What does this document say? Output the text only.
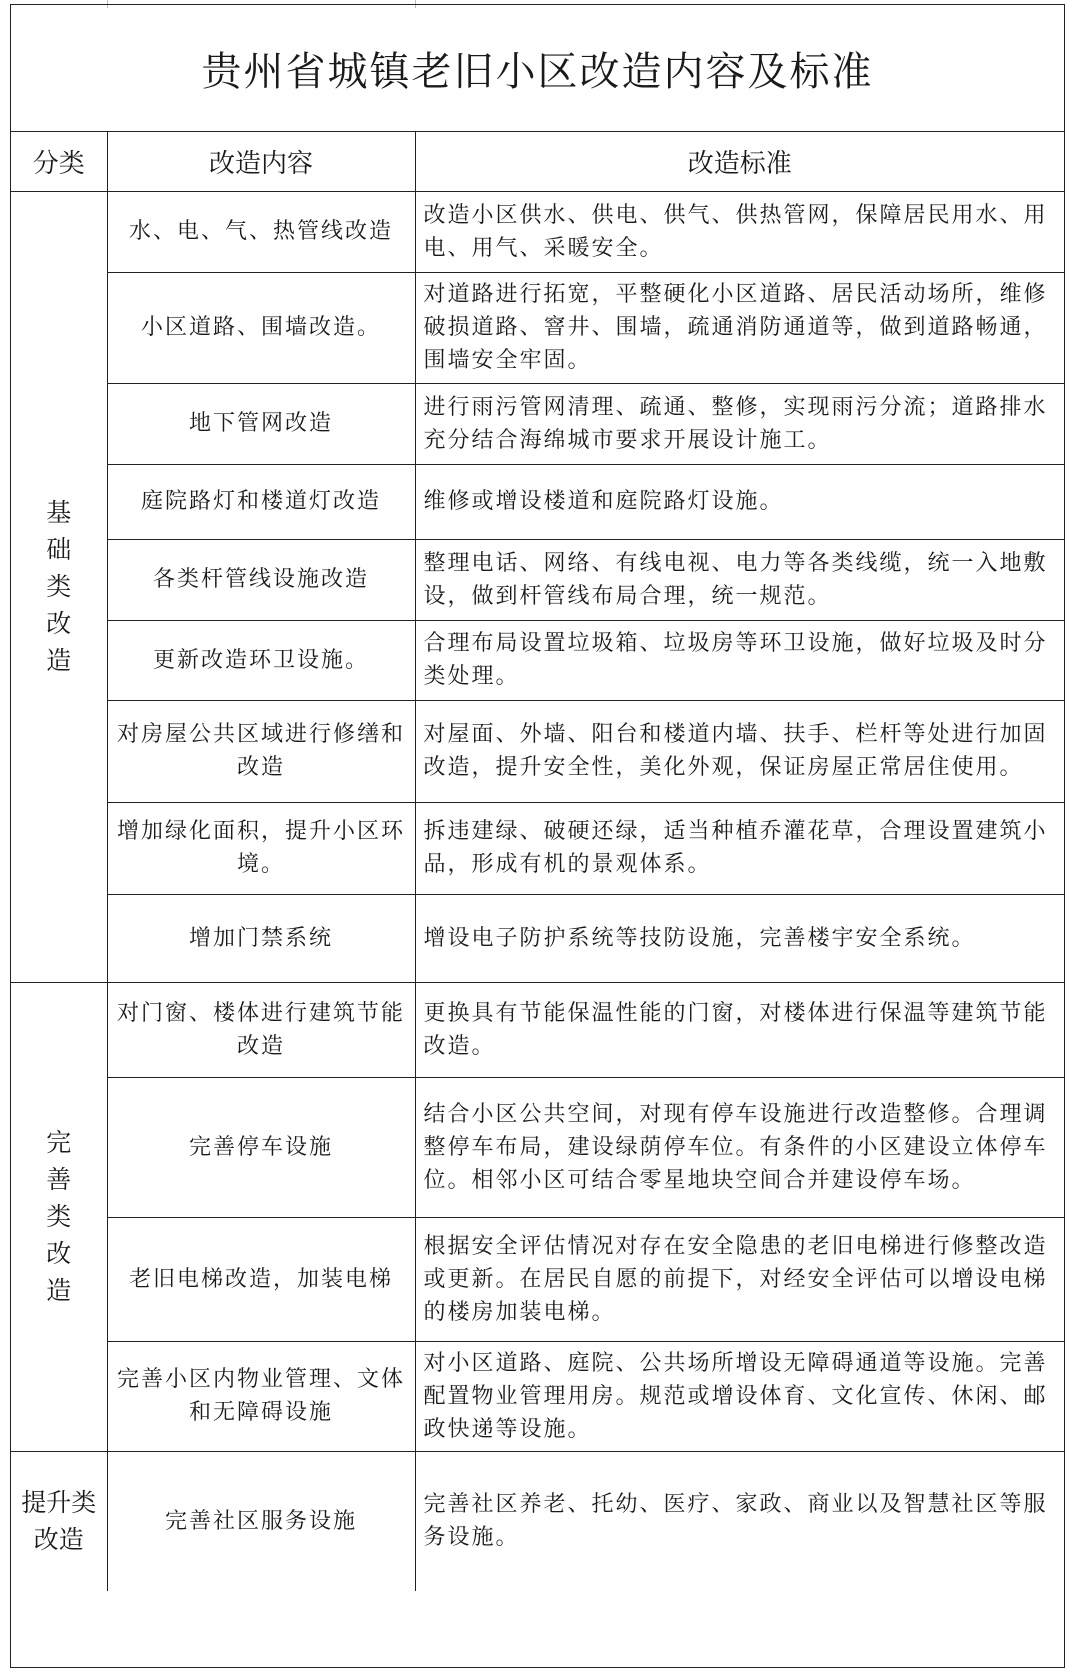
贵州省城镇老旧小区改造内容及标准
分类	改造内容	改造标准
基础类改造	水、电、气、热管线改造	改造小区供水、供电、供气、供热管网，保障居民用水、用电、用气、采暖安全。
	小区道路、围墙改造。	对道路进行拓宽，平整硬化小区道路、居民活动场所，维修破损道路、窨井、围墙，疏通消防通道等，做到道路畅通，围墙安全牢固。
	地下管网改造	进行雨污管网清理、疏通、整修，实现雨污分流；道路排水充分结合海绵城市要求开展设计施工。
	庭院路灯和楼道灯改造	维修或增设楼道和庭院路灯设施。
	各类杆管线设施改造	整理电话、网络、有线电视、电力等各类线缆，统一入地敷设，做到杆管线布局合理，统一规范。
	更新改造环卫设施。	合理布局设置垃圾箱、垃圾房等环卫设施，做好垃圾及时分类处理。
	对房屋公共区域进行修缮和改造	对屋面、外墙、阳台和楼道内墙、扶手、栏杆等处进行加固改造，提升安全性，美化外观，保证房屋正常居住使用。
	增加绿化面积，提升小区环境。	拆违建绿、破硬还绿，适当种植乔灌花草，合理设置建筑小品，形成有机的景观体系。
	增加门禁系统	增设电子防护系统等技防设施，完善楼宇安全系统。
完善类改造	对门窗、楼体进行建筑节能改造	更换具有节能保温性能的门窗，对楼体进行保温等建筑节能改造。
	完善停车设施	结合小区公共空间，对现有停车设施进行改造整修。合理调整停车布局，建设绿荫停车位。有条件的小区建设立体停车位。相邻小区可结合零星地块空间合并建设停车场。
	老旧电梯改造，加装电梯	根据安全评估情况对存在安全隐患的老旧电梯进行修整改造或更新。在居民自愿的前提下，对经安全评估可以增设电梯的楼房加装电梯。
	完善小区内物业管理、文体和无障碍设施	对小区道路、庭院、公共场所增设无障碍通道等设施。完善配置物业管理用房。规范或增设体育、文化宣传、休闲、邮政快递等设施。
提升类改造	完善社区服务设施	完善社区养老、托幼、医疗、家政、商业以及智慧社区等服务设施。
